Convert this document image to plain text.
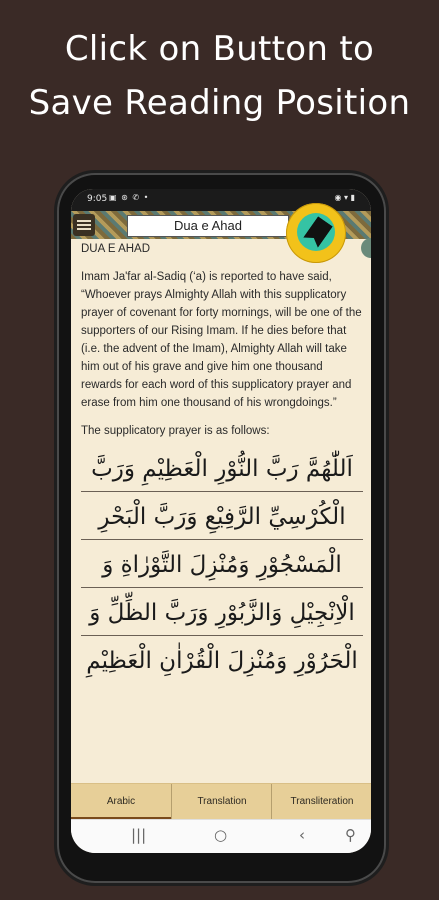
Click on Button to
Save Reading Position
9:05 ▣ ⊛ ✆ •	◉ ▾ ▮
Dua e Ahad
DUA E AHAD
Imam Ja'far al-Sadiq (‘a) is reported to have said, “Whoever prays Almighty Allah with this supplicatory prayer of covenant for forty mornings, will be one of the supporters of our Rising Imam. If he dies before that (i.e. the advent of the Imam), Almighty Allah will take him out of his grave and give him one thousand rewards for each word of this supplicatory prayer and erase from him one thousand of his wrongdoings.”
The supplicatory prayer is as follows:
اَللّٰهُمَّ رَبَّ النُّوْرِ الْعَظِيْمِ وَرَبَّ
الْكُرْسِيِّ الرَّفِيْعِ وَرَبَّ الْبَحْرِ
الْمَسْجُوْرِ وَمُنْزِلَ التَّوْرٰاةِ وَ
الْاِنْجِيْلِ وَالزَّبُوْرِ وَرَبَّ الظِّلِّ وَ
الْحَرُوْرِ وَمُنْزِلَ الْقُرْاٰنِ الْعَظِيْمِ
Arabic	Translation	Transliteration
|||	○	‹	⚲
